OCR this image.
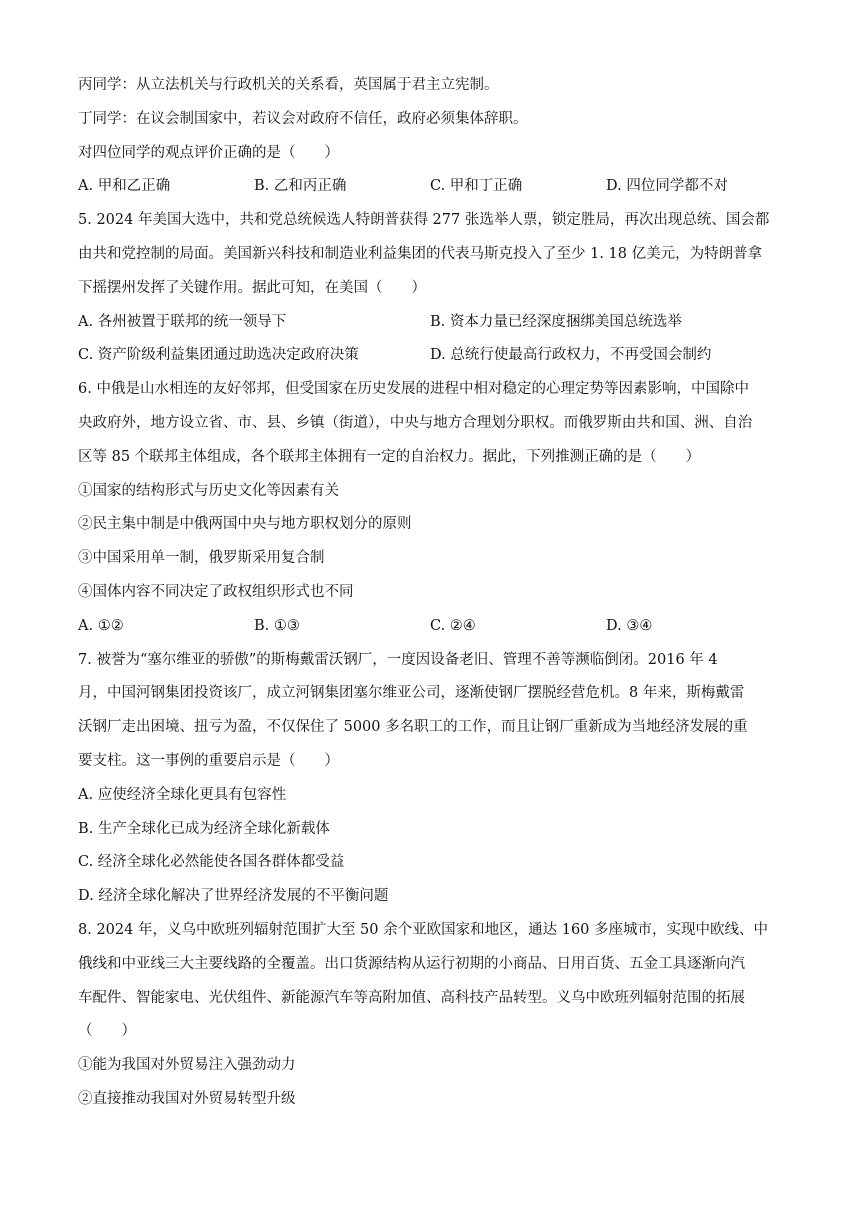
丙同学：从立法机关与行政机关的关系看，英国属于君主立宪制。
丁同学：在议会制国家中，若议会对政府不信任，政府必须集体辞职。
对四位同学的观点评价正确的是（　　）
A. 甲和乙正确	B. 乙和丙正确	C. 甲和丁正确	D. 四位同学都不对
5. 2024 年美国大选中，共和党总统候选人特朗普获得 277 张选举人票，锁定胜局，再次出现总统、国会都
由共和党控制的局面。美国新兴科技和制造业利益集团的代表马斯克投入了至少 1. 18 亿美元，为特朗普拿
下摇摆州发挥了关键作用。据此可知，在美国（　　）
A. 各州被置于联邦的统一领导下	B. 资本力量已经深度捆绑美国总统选举
C. 资产阶级利益集团通过助选决定政府决策	D. 总统行使最高行政权力，不再受国会制约
6. 中俄是山水相连的友好邻邦，但受国家在历史发展的进程中相对稳定的心理定势等因素影响，中国除中
央政府外，地方设立省、市、县、乡镇（街道），中央与地方合理划分职权。而俄罗斯由共和国、洲、自治
区等 85 个联邦主体组成，各个联邦主体拥有一定的自治权力。据此，下列推测正确的是（　　）
①国家的结构形式与历史文化等因素有关
②民主集中制是中俄两国中央与地方职权划分的原则
③中国采用单一制，俄罗斯采用复合制
④国体内容不同决定了政权组织形式也不同
A. ①②	B. ①③	C. ②④	D. ③④
7. 被誉为“塞尔维亚的骄傲”的斯梅戴雷沃钢厂，一度因设备老旧、管理不善等濒临倒闭。2016 年 4
月，中国河钢集团投资该厂，成立河钢集团塞尔维亚公司，逐渐使钢厂摆脱经营危机。8 年来，斯梅戴雷
沃钢厂走出困境、扭亏为盈，不仅保住了 5000 多名职工的工作，而且让钢厂重新成为当地经济发展的重
要支柱。这一事例的重要启示是（　　）
A. 应使经济全球化更具有包容性
B. 生产全球化已成为经济全球化新载体
C. 经济全球化必然能使各国各群体都受益
D. 经济全球化解决了世界经济发展的不平衡问题
8. 2024 年，义乌中欧班列辐射范围扩大至 50 余个亚欧国家和地区，通达 160 多座城市，实现中欧线、中
俄线和中亚线三大主要线路的全覆盖。出口货源结构从运行初期的小商品、日用百货、五金工具逐渐向汽
车配件、智能家电、光伏组件、新能源汽车等高附加值、高科技产品转型。义乌中欧班列辐射范围的拓展
（　　）
①能为我国对外贸易注入强劲动力
②直接推动我国对外贸易转型升级
